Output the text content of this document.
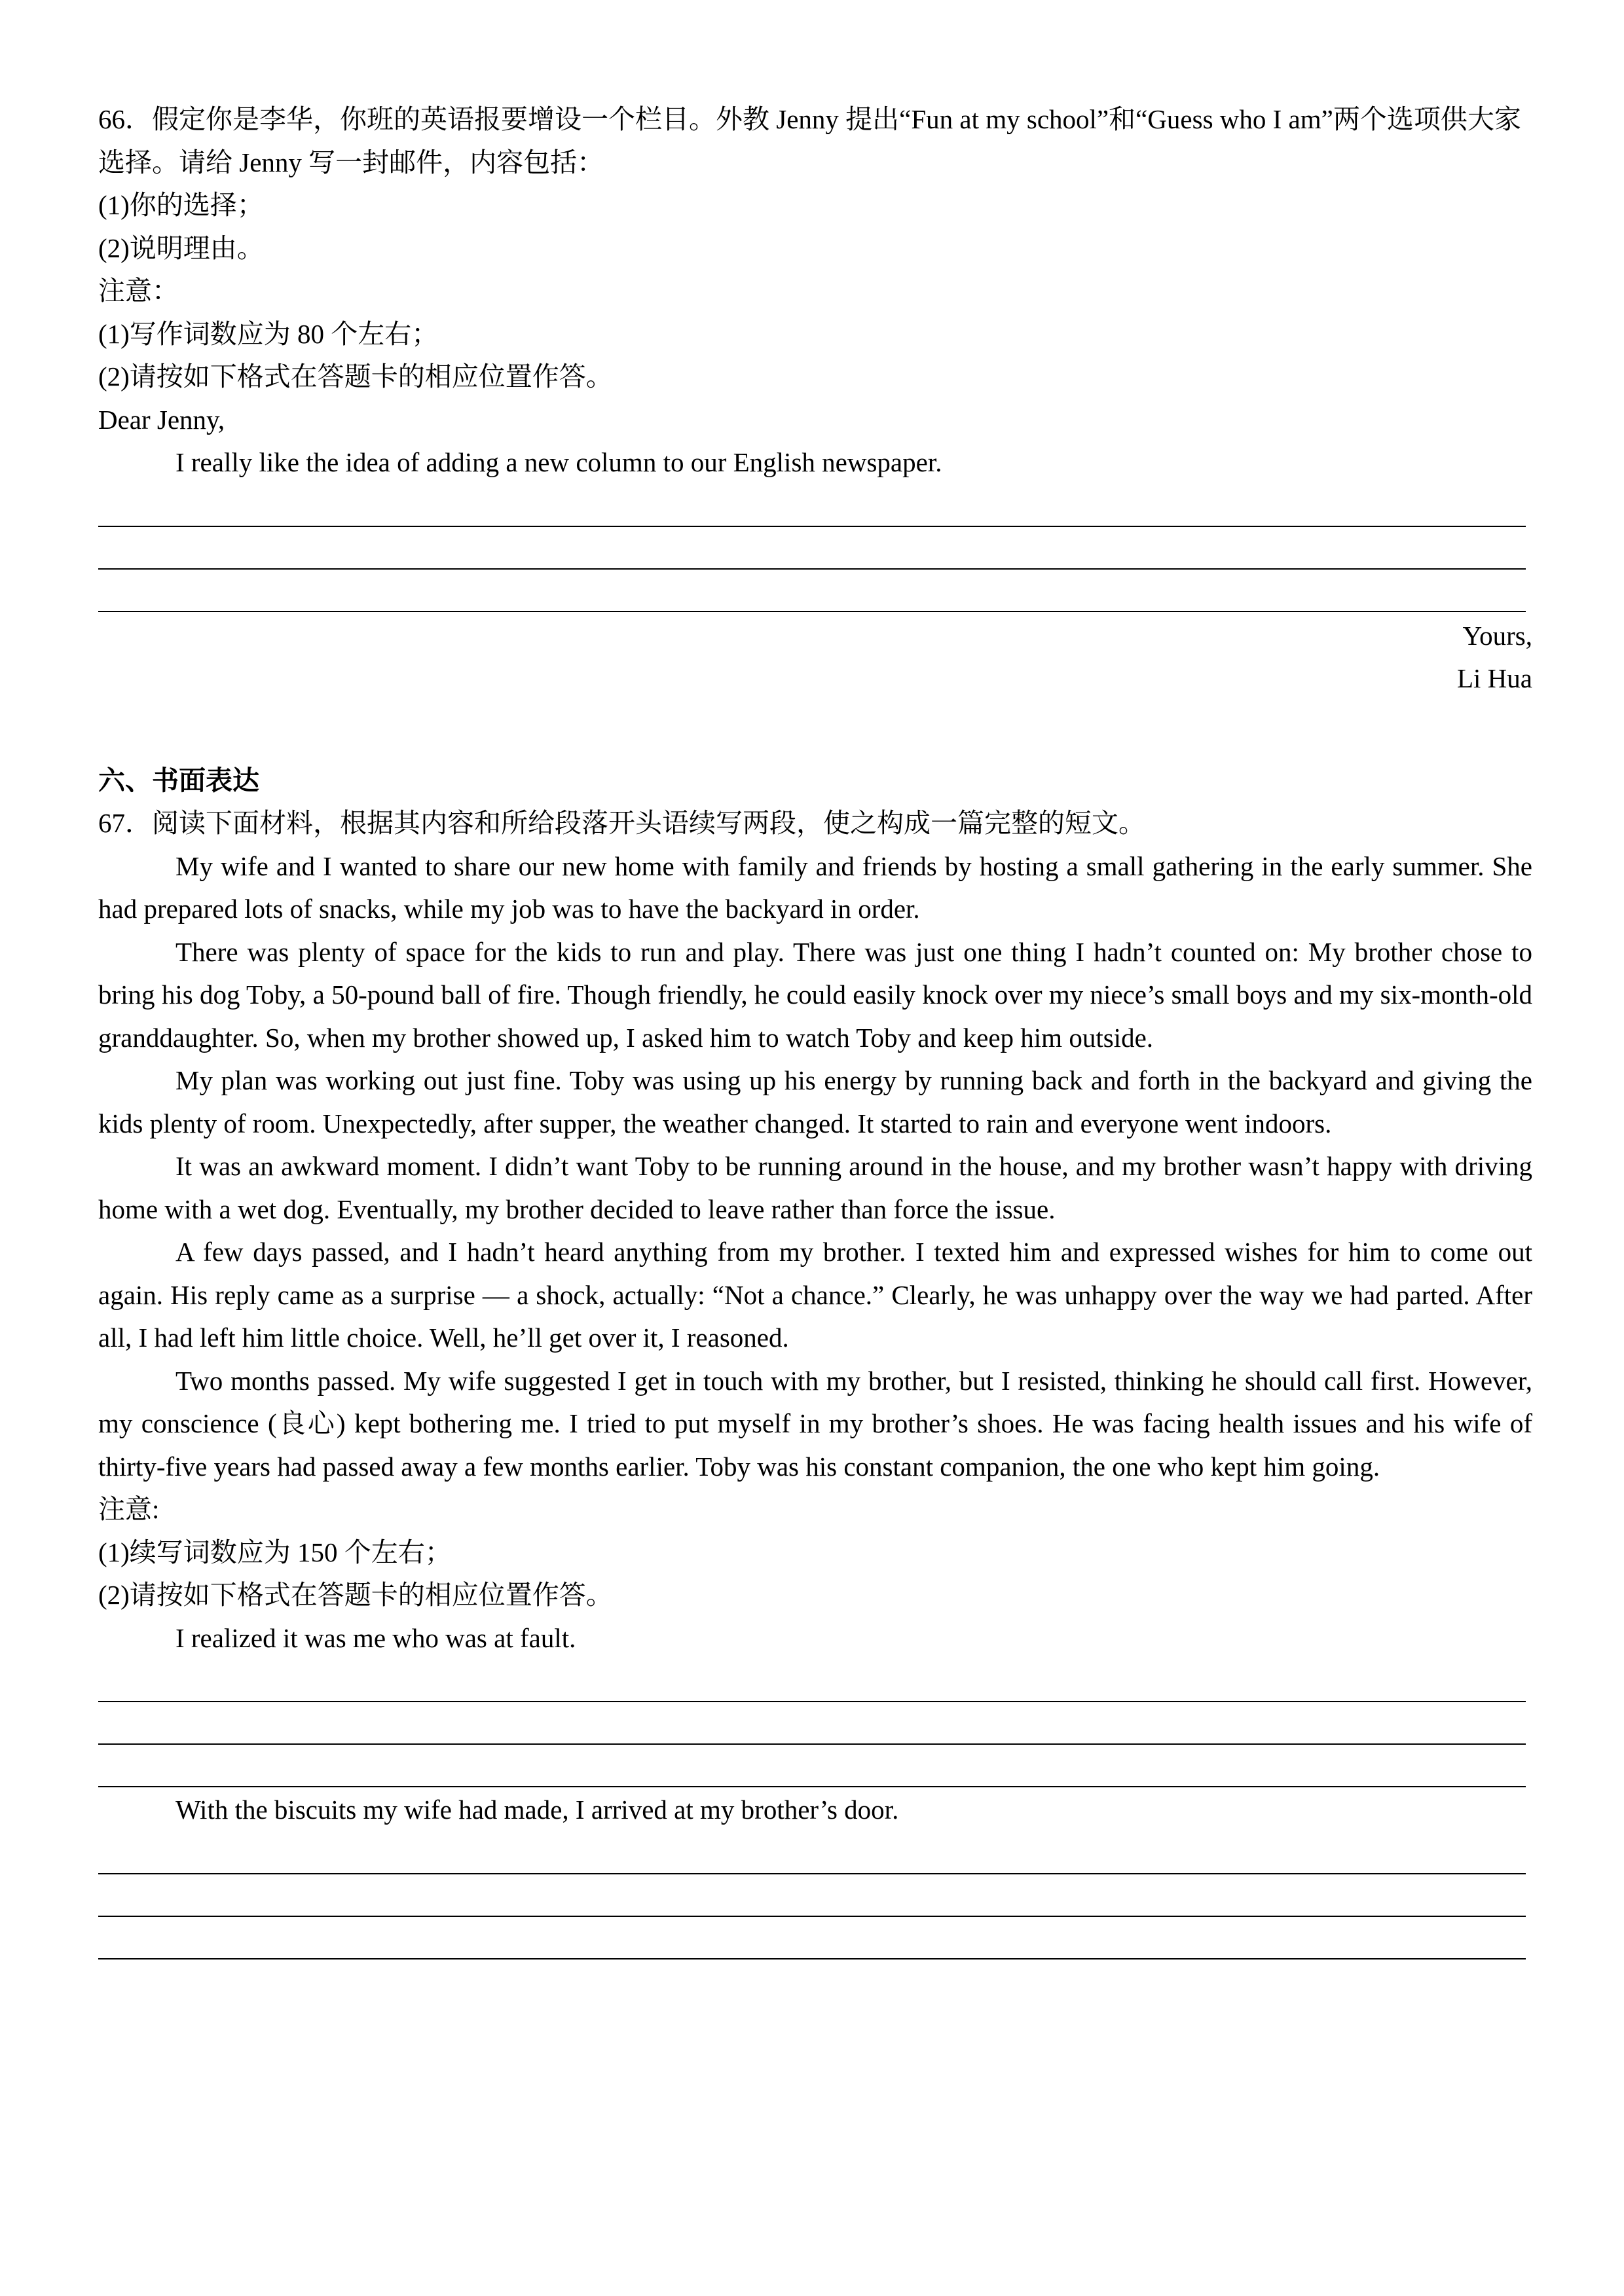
66．假定你是李华，你班的英语报要增设一个栏目。外教 Jenny 提出“Fun at my school”和“Guess who I am”两个选项供大家选择。请给 Jenny 写一封邮件，内容包括：
(1)你的选择；
(2)说明理由。
注意：
(1)写作词数应为 80 个左右；
(2)请按如下格式在答题卡的相应位置作答。
Dear Jenny,
I really like the idea of adding a new column to our English newspaper.
Yours,
Li Hua
六、书面表达
67．阅读下面材料，根据其内容和所给段落开头语续写两段，使之构成一篇完整的短文。
My wife and I wanted to share our new home with family and friends by hosting a small gathering in the early summer. She had prepared lots of snacks, while my job was to have the backyard in order.
There was plenty of space for the kids to run and play. There was just one thing I hadn’t counted on: My brother chose to bring his dog Toby, a 50-pound ball of fire. Though friendly, he could easily knock over my niece’s small boys and my six-month-old granddaughter. So, when my brother showed up, I asked him to watch Toby and keep him outside.
My plan was working out just fine. Toby was using up his energy by running back and forth in the backyard and giving the kids plenty of room. Unexpectedly, after supper, the weather changed. It started to rain and everyone went indoors.
It was an awkward moment. I didn’t want Toby to be running around in the house, and my brother wasn’t happy with driving home with a wet dog. Eventually, my brother decided to leave rather than force the issue.
A few days passed, and I hadn’t heard anything from my brother. I texted him and expressed wishes for him to come out again. His reply came as a surprise — a shock, actually: “Not a chance.” Clearly, he was unhappy over the way we had parted. After all, I had left him little choice. Well, he’ll get over it, I reasoned.
Two months passed. My wife suggested I get in touch with my brother, but I resisted, thinking he should call first. However, my conscience (良心) kept bothering me. I tried to put myself in my brother’s shoes. He was facing health issues and his wife of thirty-five years had passed away a few months earlier. Toby was his constant companion, the one who kept him going.
注意:
(1)续写词数应为 150 个左右；
(2)请按如下格式在答题卡的相应位置作答。
I realized it was me who was at fault.
With the biscuits my wife had made, I arrived at my brother’s door.
